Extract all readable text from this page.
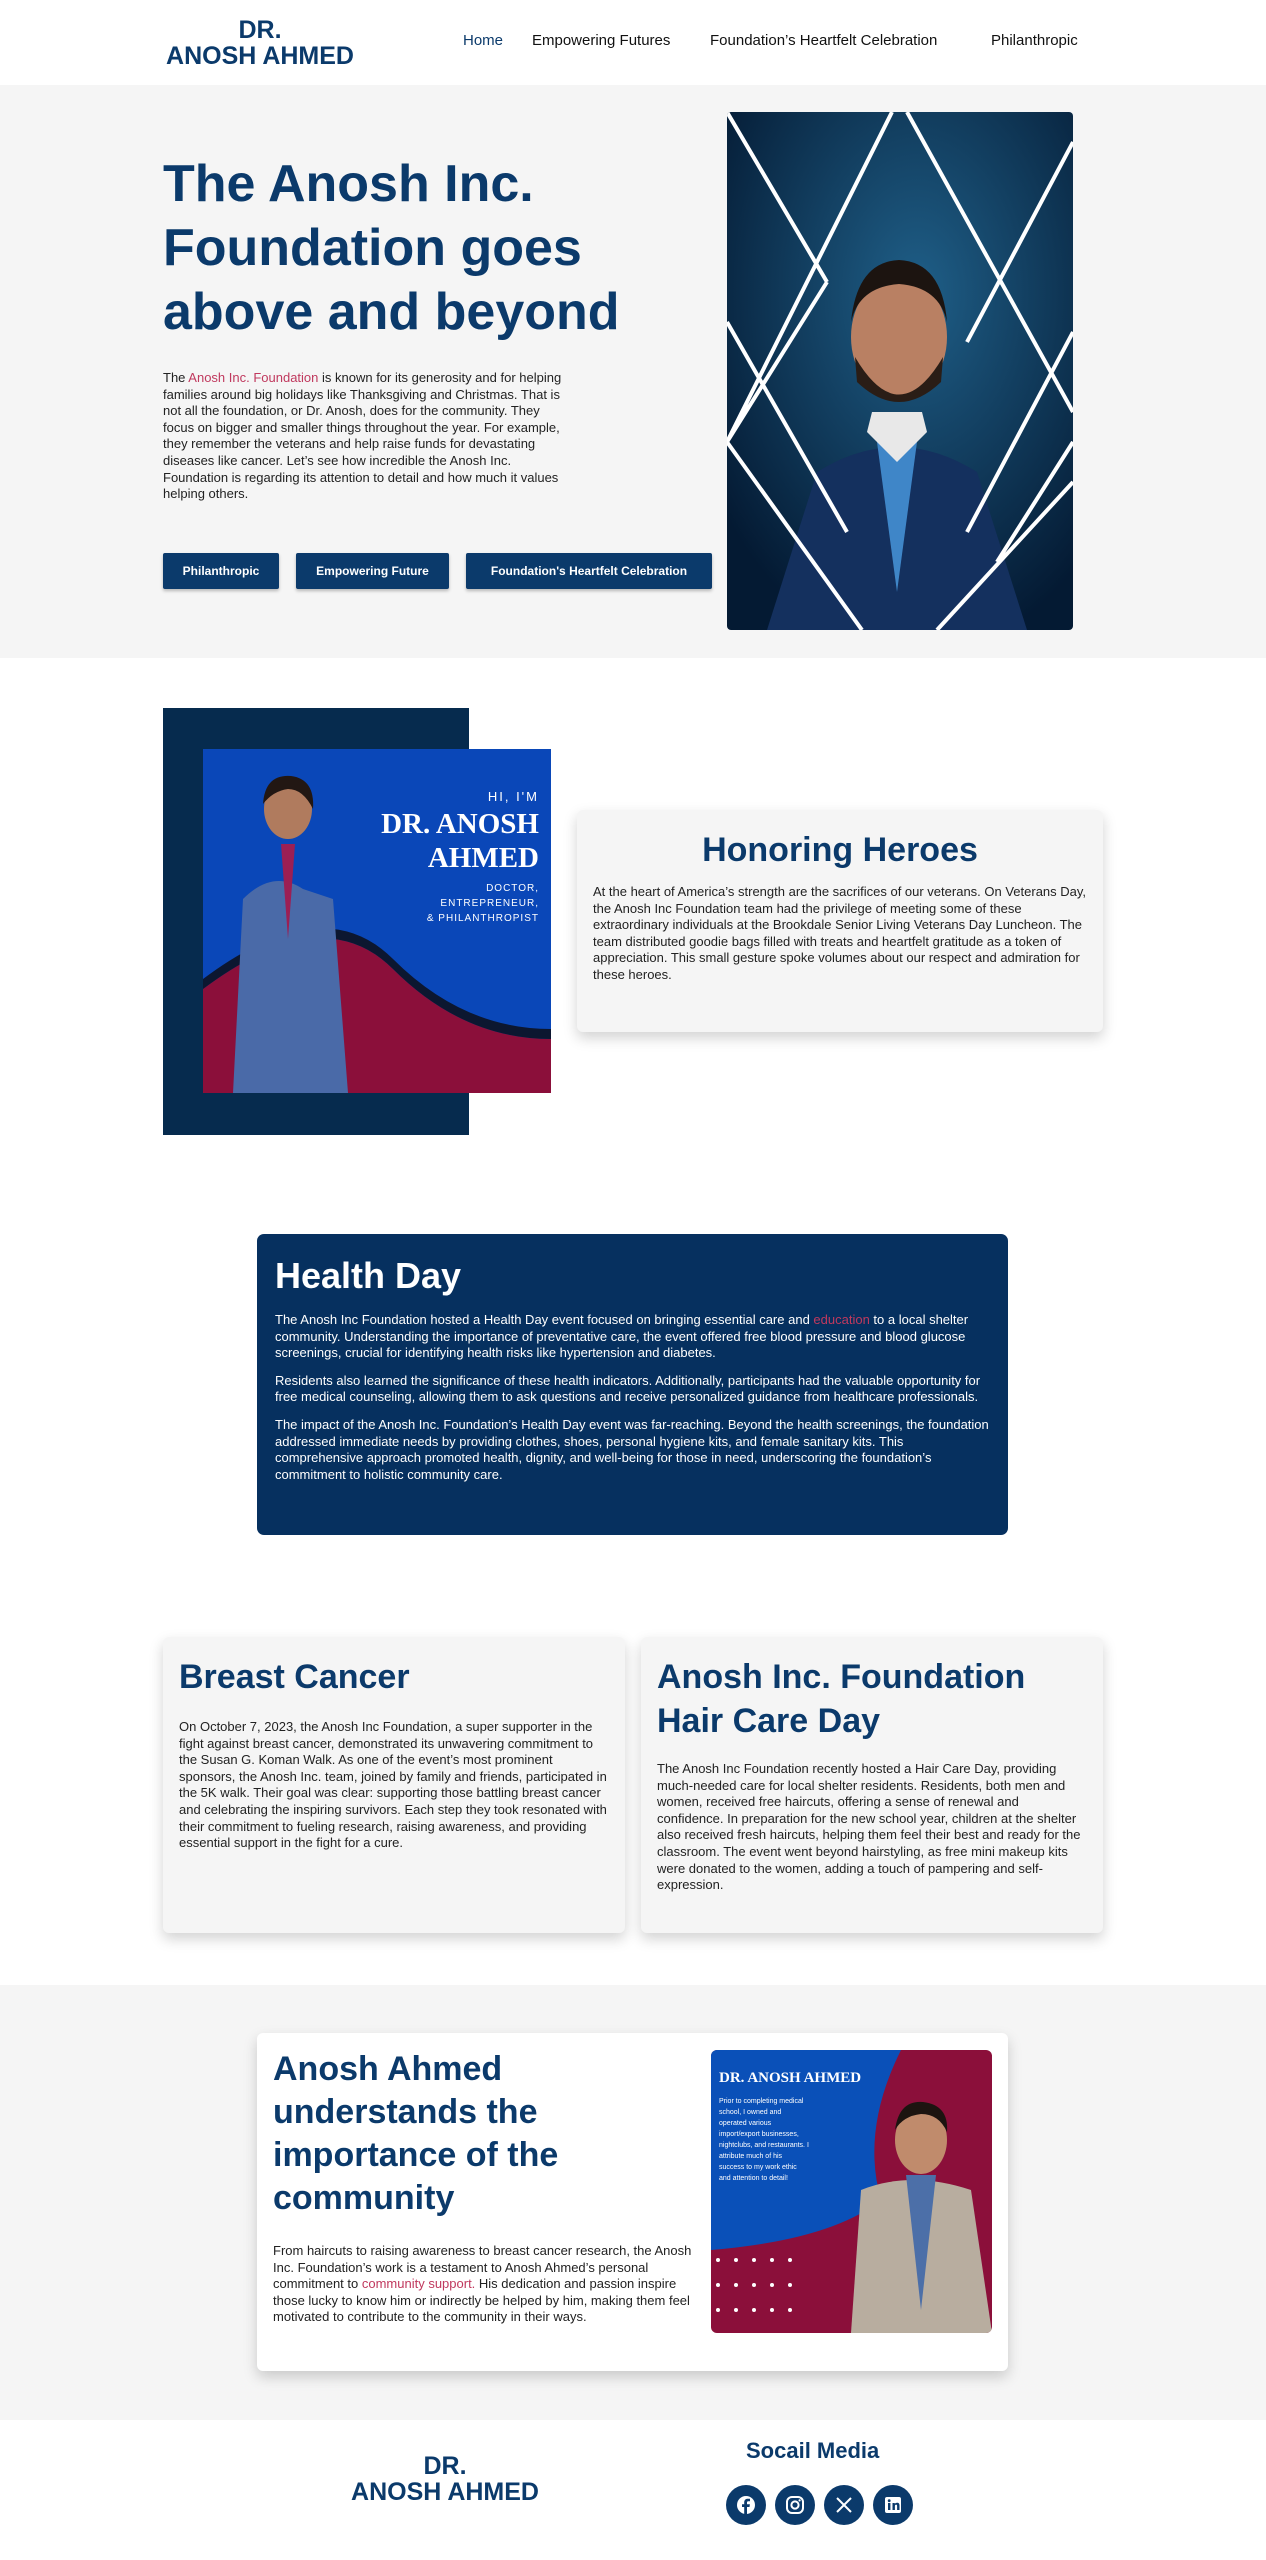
DR.
ANOSH AHMED
Home Empowering Futures	Foundation’s Heartfelt Celebration	Philanthropic
The Anosh Inc. Foundation goes above and beyond

The Anosh Inc. Foundation is known for its generosity and for helping families around big holidays like Thanksgiving and Christmas. That is not all the foundation, or Dr. Anosh, does for the community. They focus on bigger and smaller things throughout the year. For example, they remember the veterans and help raise funds for devastating diseases like cancer. Let’s see how incredible the Anosh Inc. Foundation is regarding its attention to detail and how much it values helping others.

Philanthropic	Empowering Future	Foundation's Heartfelt Celebration
HI, I'M
DR. ANOSH
AHMED
DOCTOR,
ENTREPRENEUR,
& PHILANTHROPIST
Honoring Heroes

At the heart of America’s strength are the sacrifices of our veterans. On Veterans Day, the Anosh Inc Foundation team had the privilege of meeting some of these extraordinary individuals at the Brookdale Senior Living Veterans Day Luncheon. The team distributed goodie bags filled with treats and heartfelt gratitude as a token of appreciation. This small gesture spoke volumes about our respect and admiration for these heroes.

Health Day

The Anosh Inc Foundation hosted a Health Day event focused on bringing essential care and education to a local shelter community. Understanding the importance of preventative care, the event offered free blood pressure and blood glucose screenings, crucial for identifying health risks like hypertension and diabetes.

Residents also learned the significance of these health indicators. Additionally, participants had the valuable opportunity for free medical counseling, allowing them to ask questions and receive personalized guidance from healthcare professionals.

The impact of the Anosh Inc. Foundation’s Health Day event was far-reaching. Beyond the health screenings, the foundation addressed immediate needs by providing clothes, shoes, personal hygiene kits, and female sanitary kits. This comprehensive approach promoted health, dignity, and well-being for those in need, underscoring the foundation’s commitment to holistic community care.

Breast Cancer

On October 7, 2023, the Anosh Inc Foundation, a super supporter in the fight against breast cancer, demonstrated its unwavering commitment to the Susan G. Koman Walk. As one of the event’s most prominent sponsors, the Anosh Inc. team, joined by family and friends, participated in the 5K walk. Their goal was clear: supporting those battling breast cancer and celebrating the inspiring survivors. Each step they took resonated with their commitment to fueling research, raising awareness, and providing essential support in the fight for a cure.

Anosh Inc. Foundation Hair Care Day

The Anosh Inc Foundation recently hosted a Hair Care Day, providing much-needed care for local shelter residents. Residents, both men and women, received free haircuts, offering a sense of renewal and confidence. In preparation for the new school year, children at the shelter also received fresh haircuts, helping them feel their best and ready for the classroom. The event went beyond hairstyling, as free mini makeup kits were donated to the women, adding a touch of pampering and self-expression.

Anosh Ahmed understands the importance of the community

From haircuts to raising awareness to breast cancer research, the Anosh Inc. Foundation’s work is a testament to Anosh Ahmed’s personal commitment to community support. His dedication and passion inspire those lucky to know him or indirectly be helped by him, making them feel motivated to contribute to the community in their ways.

DR. ANOSH AHMED
Prior to completing medical school, I owned and operated various import/export businesses, nightclubs, and restaurants. I attribute much of his success to my work ethic and attention to detail!
DR.
ANOSH AHMED
Socail Media
